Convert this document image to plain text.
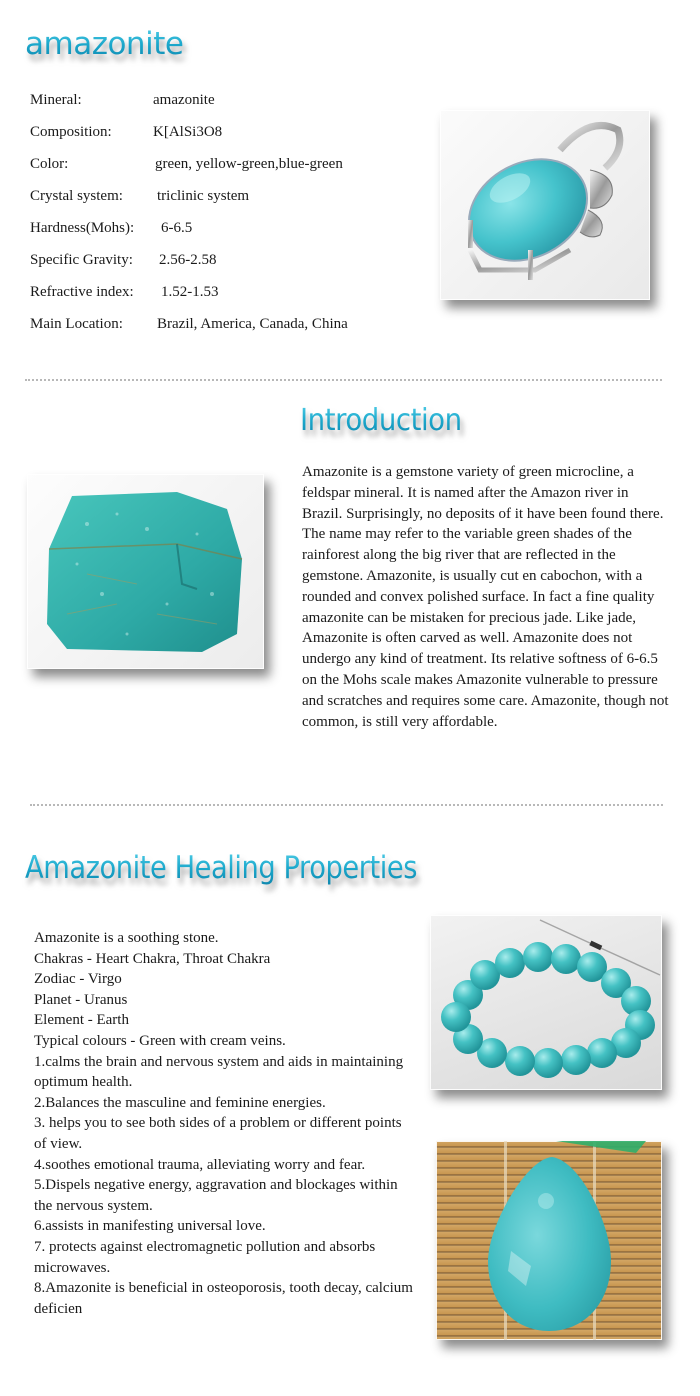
amazonite
Mineral:	amazonite
Composition:	K[AlSi3O8
Color:	green, yellow-green,blue-green
Crystal system: triclinic system
Hardness(Mohs): 6-6.5
Specific Gravity: 2.56-2.58
Refractive index: 1.52-1.53
Main Location: Brazil, America, Canada, China
Introduction

Amazonite is a gemstone variety of green microcline, a feldspar mineral. It is named after the Amazon river in Brazil. Surprisingly, no deposits of it have been found there. The name may refer to the variable green shades of the rainforest along the big river that are reflected in the gemstone. Amazonite, is usually cut en cabochon, with a rounded and convex polished surface. In fact a fine quality amazonite can be mistaken for precious jade. Like jade, Amazonite is often carved as well. Amazonite does not undergo any kind of treatment. Its relative softness of 6-6.5 on the Mohs scale makes Amazonite vulnerable to pressure and scratches and requires some care. Amazonite, though not common, is still very affordable.

Amazonite Healing Properties
Amazonite is a soothing stone.
Chakras - Heart Chakra, Throat Chakra
Zodiac - Virgo
Planet - Uranus
Element - Earth
Typical colours - Green with cream veins.
1.calms the brain and nervous system and aids in maintaining optimum health.
2.Balances the masculine and feminine energies.
3. helps you to see both sides of a problem or different points of view.
4.soothes emotional trauma, alleviating worry and fear.
5.Dispels negative energy, aggravation and blockages within the nervous system.
6.assists in manifesting universal love.
7. protects against electromagnetic pollution and absorbs microwaves.
8.Amazonite is beneficial in osteoporosis, tooth decay, calcium deficien
